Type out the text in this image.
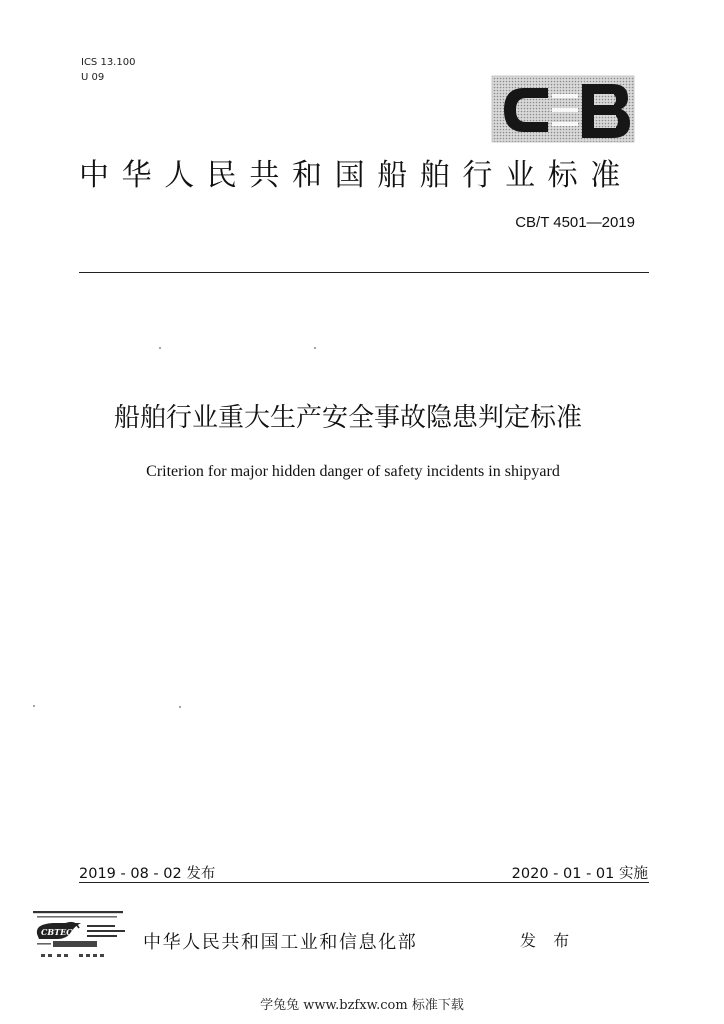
ICS 13.100
U 09
中华人民共和国船舶行业标准
CB/T 4501—2019
船舶行业重大生产安全事故隐患判定标准
Criterion for major hidden danger of safety incidents in shipyard
2019 - 08 - 02 发布	2020 - 01 - 01 实施
CBTEC	中华人民共和国工业和信息化部	发 布
学兔兔 www.bzfxw.com 标准下载
